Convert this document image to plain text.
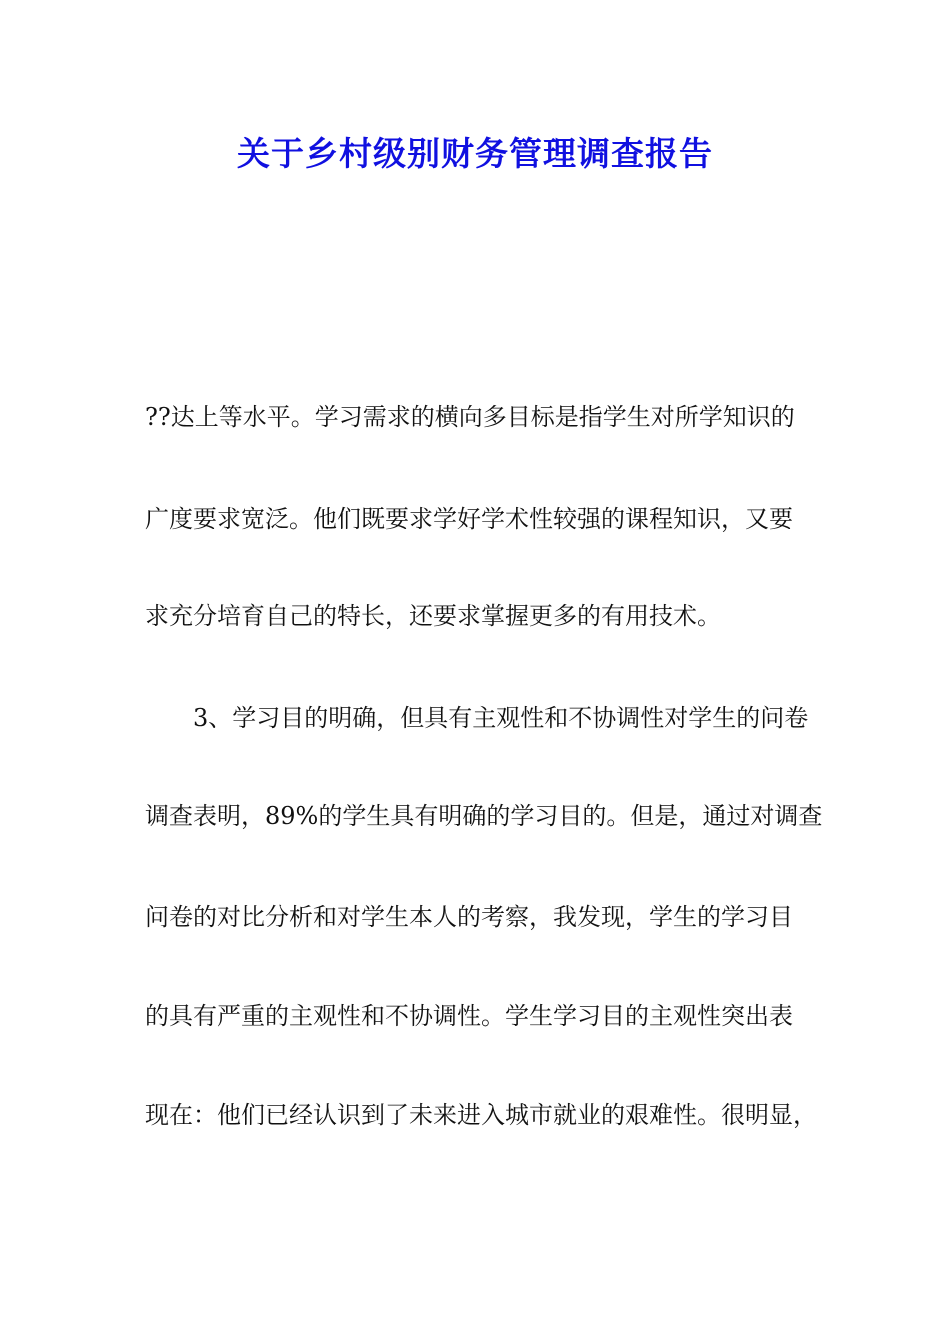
关于乡村级别财务管理调查报告

??达上等水平。学习需求的横向多目标是指学生对所学知识的

广度要求宽泛。他们既要求学好学术性较强的课程知识，又要

求充分培育自己的特长，还要求掌握更多的有用技术。

3、学习目的明确，但具有主观性和不协调性对学生的问卷

调查表明，89%的学生具有明确的学习目的。但是，通过对调查

问卷的对比分析和对学生本人的考察，我发现，学生的学习目

的具有严重的主观性和不协调性。学生学习目的主观性突出表

现在：他们已经认识到了未来进入城市就业的艰难性。很明显，
